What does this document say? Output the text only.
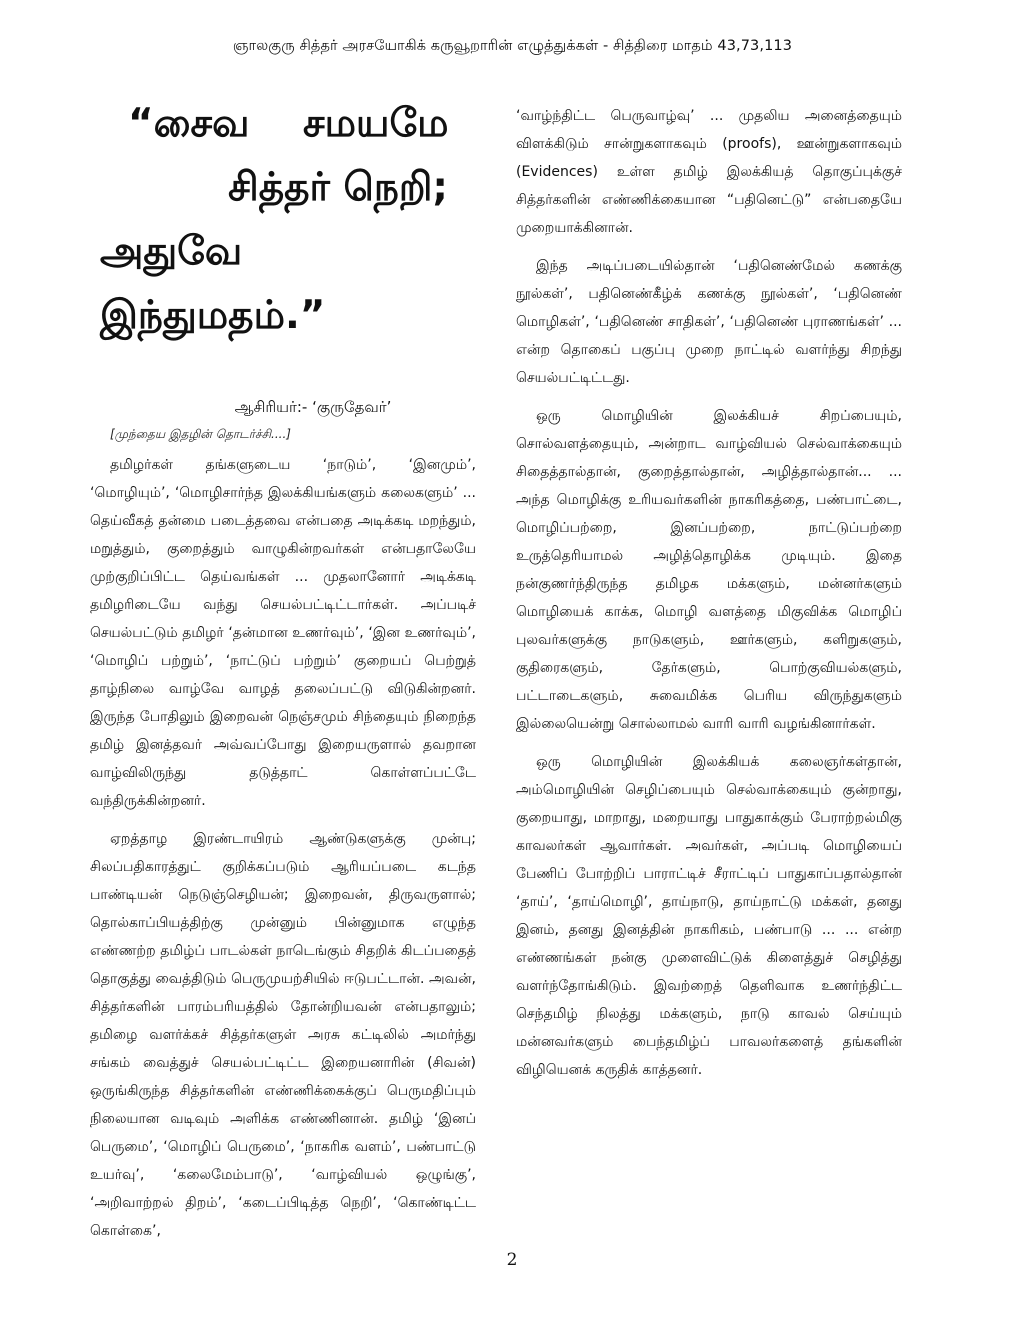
ஞாலகுரு சித்தர் அரசயோகிக் கருவூறாரின் எழுத்துக்கள் - சித்திரை மாதம் 43,73,113
“சைவ சமயமே
சித்தர் நெறி;
அதுவே இந்துமதம்.”
ஆசிரியர்:- ‘குருதேவர்’
[முந்தைய இதழின் தொடர்ச்சி....]

தமிழர்கள் தங்களுடைய ‘நாடும்’, ‘இனமும்’, ‘மொழியும்’, ‘மொழிசார்ந்த இலக்கியங்களும் கலைகளும்’ ... தெய்வீகத் தன்மை படைத்தவை என்பதை அடிக்கடி மறந்தும், மறுத்தும், குறைத்தும் வாழுகின்றவர்கள் என்பதாலேயே முற்குறிப்பிட்ட தெய்வங்கள் ... முதலானோர் அடிக்கடி தமிழரிடையே வந்து செயல்பட்டிட்டார்கள். அப்படிச் செயல்பட்டும் தமிழர் ‘தன்மான உணர்வும்’, ‘இன உணர்வும்’, ‘மொழிப் பற்றும்’, ‘நாட்டுப் பற்றும்’ குறையப் பெற்றுத் தாழ்நிலை வாழ்வே வாழத் தலைப்பட்டு விடுகின்றனர். இருந்த போதிலும் இறைவன் நெஞ்சமும் சிந்தையும் நிறைந்த தமிழ் இனத்தவர் அவ்வப்போது இறையருளால் தவறான வாழ்விலிருந்து தடுத்தாட் கொள்ளப்பட்டே வந்திருக்கின்றனர்.

ஏறத்தாழ இரண்டாயிரம் ஆண்டுகளுக்கு முன்பு; சிலப்பதிகாரத்துட் குறிக்கப்படும் ஆரியப்படை கடந்த பாண்டியன் நெடுஞ்செழியன்; இறைவன், திருவருளால்; தொல்காப்பியத்திற்கு முன்னும் பின்னுமாக எழுந்த எண்ணற்ற தமிழ்ப் பாடல்கள் நாடெங்கும் சிதறிக் கிடப்பதைத் தொகுத்து வைத்திடும் பெருமுயற்சியில் ஈடுபட்டான். அவன், சித்தர்களின் பாரம்பரியத்தில் தோன்றியவன் என்பதாலும்; தமிழை வளர்க்கச் சித்தர்களுள் அரசு கட்டிலில் அமர்ந்து சங்கம் வைத்துச் செயல்பட்டிட்ட இறையனாரின் (சிவன்) ஒருங்கிருந்த சித்தர்களின் எண்ணிக்கைக்குப் பெருமதிப்பும் நிலையான வடிவும் அளிக்க எண்ணினான். தமிழ் ‘இனப் பெருமை’, ‘மொழிப் பெருமை’, ‘நாகரிக வளம்’, பண்பாட்டு உயர்வு’, ‘கலைமேம்பாடு’, ‘வாழ்வியல் ஒழுங்கு’, ‘அறிவாற்றல் திறம்’, ‘கடைப்பிடித்த நெறி’, ‘கொண்டிட்ட கொள்கை’,

‘வாழ்ந்திட்ட பெருவாழ்வு’ ... முதலிய அனைத்தையும் விளக்கிடும் சான்றுகளாகவும் (proofs), ஊன்றுகளாகவும் (Evidences) உள்ள தமிழ் இலக்கியத் தொகுப்புக்குச் சித்தர்களின் எண்ணிக்கையான “பதினெட்டு” என்பதையே முறையாக்கினான்.

இந்த அடிப்படையில்தான் ‘பதினெண்மேல் கணக்கு நூல்கள்’, பதினெண்கீழ்க் கணக்கு நூல்கள்’, ‘பதினெண் மொழிகள்’, ‘பதினெண் சாதிகள்’, ‘பதினெண் புராணங்கள்’ ... என்ற தொகைப் பகுப்பு முறை நாட்டில் வளர்ந்து சிறந்து செயல்பட்டிட்டது.

ஒரு மொழியின் இலக்கியச் சிறப்பையும், சொல்வளத்தையும், அன்றாட வாழ்வியல் செல்வாக்கையும் சிதைத்தால்தான், குறைத்தால்தான், அழித்தால்தான்... ... அந்த மொழிக்கு உரியவர்களின் நாகரிகத்தை, பண்பாட்டை, மொழிப்பற்றை, இனப்பற்றை, நாட்டுப்பற்றை உருத்தெரியாமல் அழித்தொழிக்க முடியும். இதை நன்குணர்ந்திருந்த தமிழக மக்களும், மன்னர்களும் மொழியைக் காக்க, மொழி வளத்தை மிகுவிக்க மொழிப் புலவர்களுக்கு நாடுகளும், ஊர்களும், களிறுகளும், குதிரைகளும், தேர்களும், பொற்குவியல்களும், பட்டாடைகளும், சுவைமிக்க பெரிய விருந்துகளும் இல்லையென்று சொல்லாமல் வாரி வாரி வழங்கினார்கள்.

ஒரு மொழியின் இலக்கியக் கலைஞர்கள்தான், அம்மொழியின் செழிப்பையும் செல்வாக்கையும் குன்றாது, குறையாது, மாறாது, மறையாது பாதுகாக்கும் பேராற்றல்மிகு காவலர்கள் ஆவார்கள். அவர்கள், அப்படி மொழியைப் பேணிப் போற்றிப் பாராட்டிச் சீராட்டிப் பாதுகாப்பதால்தான் ‘தாய்’, ‘தாய்மொழி’, தாய்நாடு, தாய்நாட்டு மக்கள், தனது இனம், தனது இனத்தின் நாகரிகம், பண்பாடு ... ... என்ற எண்ணங்கள் நன்கு முளைவிட்டுக் கிளைத்துச் செழித்து வளர்ந்தோங்கிடும். இவற்றைத் தெளிவாக உணர்ந்திட்ட செந்தமிழ் நிலத்து மக்களும், நாடு காவல் செய்யும் மன்னவர்களும் பைந்தமிழ்ப் பாவலர்களைத் தங்களின் விழியெனக் கருதிக் காத்தனர்.

2
